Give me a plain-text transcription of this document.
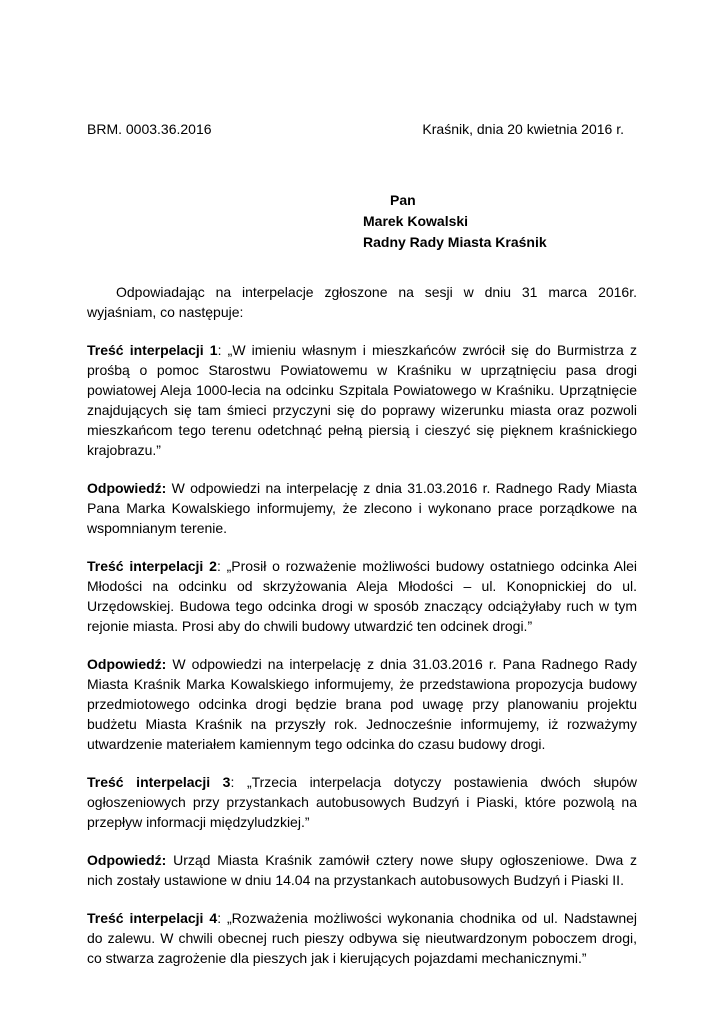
BRM. 0003.36.2016	Kraśnik, dnia 20 kwietnia 2016 r.
Pan
Marek Kowalski
Radny Rady Miasta Kraśnik

Odpowiadając na interpelacje zgłoszone na sesji w dniu 31 marca 2016r. wyjaśniam, co następuje:

Treść interpelacji 1: „W imieniu własnym i mieszkańców zwrócił się do Burmistrza z prośbą o pomoc Starostwu Powiatowemu w Kraśniku w uprzątnięciu pasa drogi powiatowej Aleja 1000-lecia na odcinku Szpitala Powiatowego w Kraśniku. Uprzątnięcie znajdujących się tam śmieci przyczyni się do poprawy wizerunku miasta oraz pozwoli mieszkańcom tego terenu odetchnąć pełną piersią i cieszyć się pięknem kraśnickiego krajobrazu.”

Odpowiedź: W odpowiedzi na interpelację z dnia 31.03.2016 r. Radnego Rady Miasta Pana Marka Kowalskiego informujemy, że zlecono i wykonano prace porządkowe na wspomnianym terenie.

Treść interpelacji 2: „Prosił o rozważenie możliwości budowy ostatniego odcinka Alei Młodości na odcinku od skrzyżowania Aleja Młodości – ul. Konopnickiej do ul. Urzędowskiej. Budowa tego odcinka drogi w sposób znaczący odciążyłaby ruch w tym rejonie miasta. Prosi aby do chwili budowy utwardzić ten odcinek drogi.”

Odpowiedź: W odpowiedzi na interpelację z dnia 31.03.2016 r. Pana Radnego Rady Miasta Kraśnik Marka Kowalskiego informujemy, że przedstawiona propozycja budowy przedmiotowego odcinka drogi będzie brana pod uwagę przy planowaniu projektu budżetu Miasta Kraśnik na przyszły rok. Jednocześnie informujemy, iż rozważymy utwardzenie materiałem kamiennym tego odcinka do czasu budowy drogi.

Treść interpelacji 3: „Trzecia interpelacja dotyczy postawienia dwóch słupów ogłoszeniowych przy przystankach autobusowych Budzyń i Piaski, które pozwolą na przepływ informacji międzyludzkiej.”

Odpowiedź: Urząd Miasta Kraśnik zamówił cztery nowe słupy ogłoszeniowe. Dwa z nich zostały ustawione w dniu 14.04 na przystankach autobusowych Budzyń i Piaski II.

Treść interpelacji 4: „Rozważenia możliwości wykonania chodnika od ul. Nadstawnej do zalewu. W chwili obecnej ruch pieszy odbywa się nieutwardzonym poboczem drogi, co stwarza zagrożenie dla pieszych jak i kierujących pojazdami mechanicznymi.”
